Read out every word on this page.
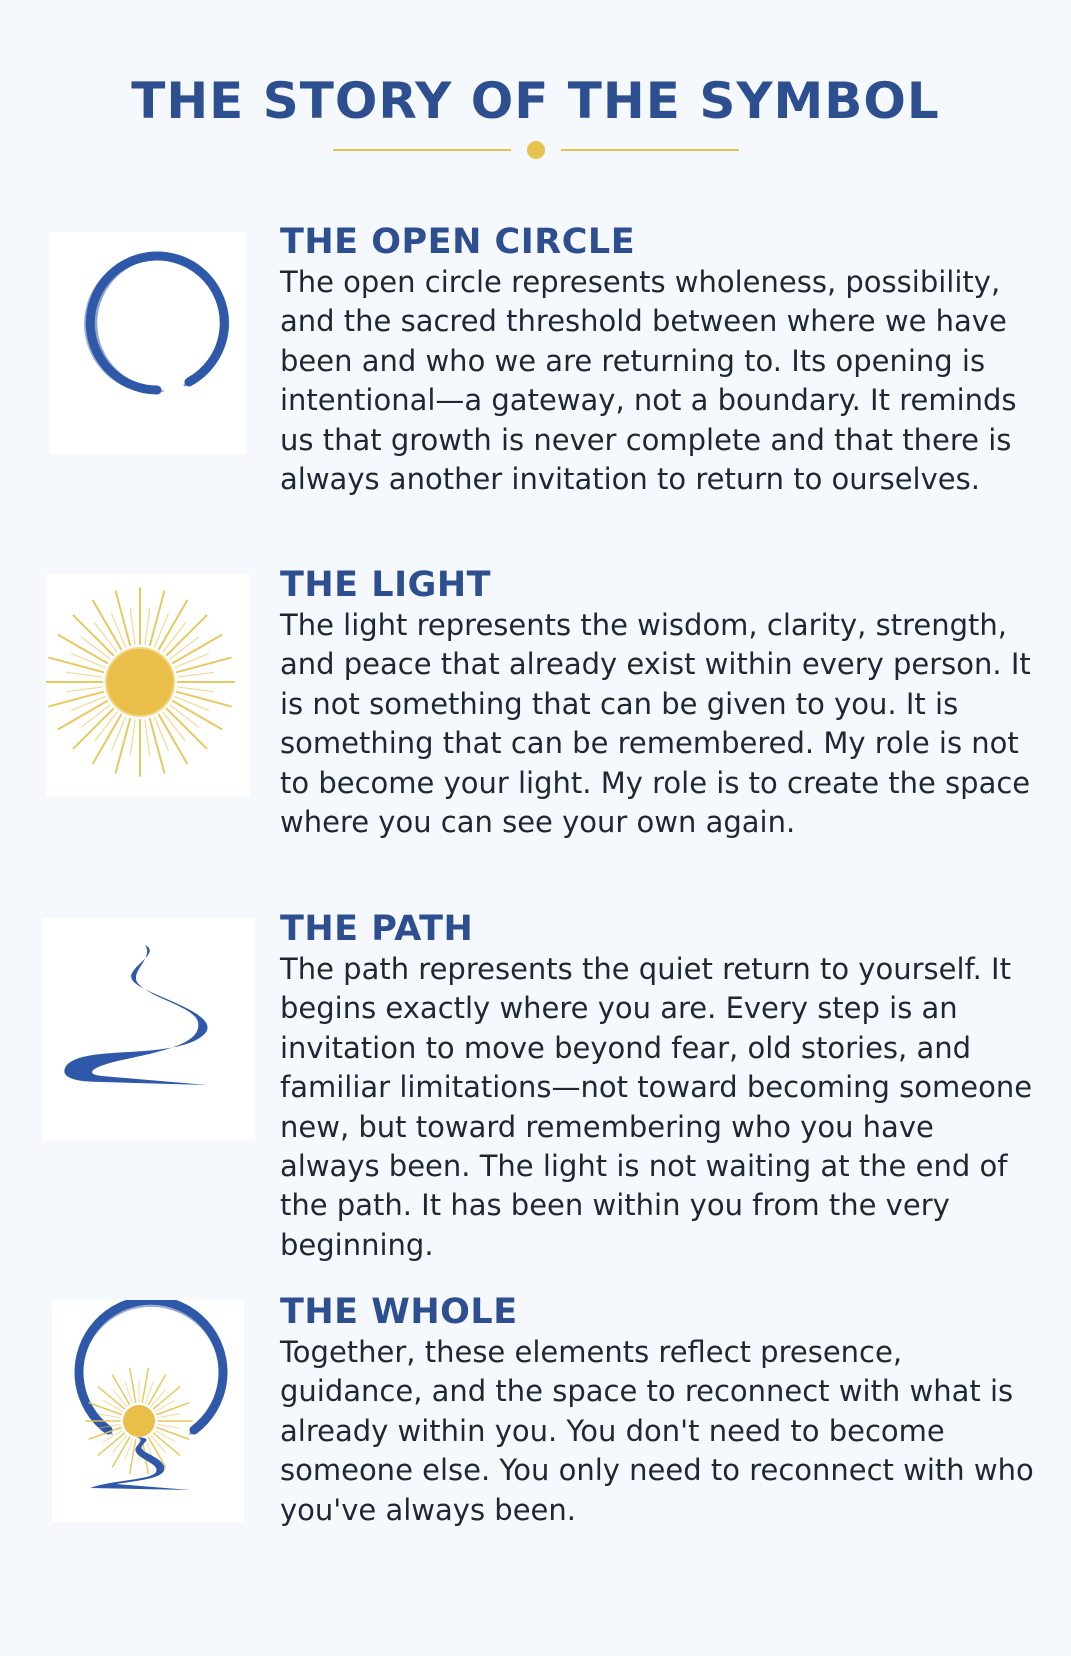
THE STORY OF THE SYMBOL
THE OPEN CIRCLE

The open circle represents wholeness, possibility, and the sacred threshold between where we have been and who we are returning to. Its opening is intentional—a gateway, not a boundary. It reminds us that growth is never complete and that there is always another invitation to return to ourselves.

THE LIGHT

The light represents the wisdom, clarity, strength, and peace that already exist within every person. It is not something that can be given to you. It is something that can be remembered. My role is not to become your light. My role is to create the space where you can see your own again.

THE PATH

The path represents the quiet return to yourself. It begins exactly where you are. Every step is an invitation to move beyond fear, old stories, and familiar limitations—not toward becoming someone new, but toward remembering who you have always been. The light is not waiting at the end of the path. It has been within you from the very beginning.

THE WHOLE

Together, these elements reflect presence, guidance, and the space to reconnect with what is already within you. You don't need to become someone else. You only need to reconnect with who you've always been.
